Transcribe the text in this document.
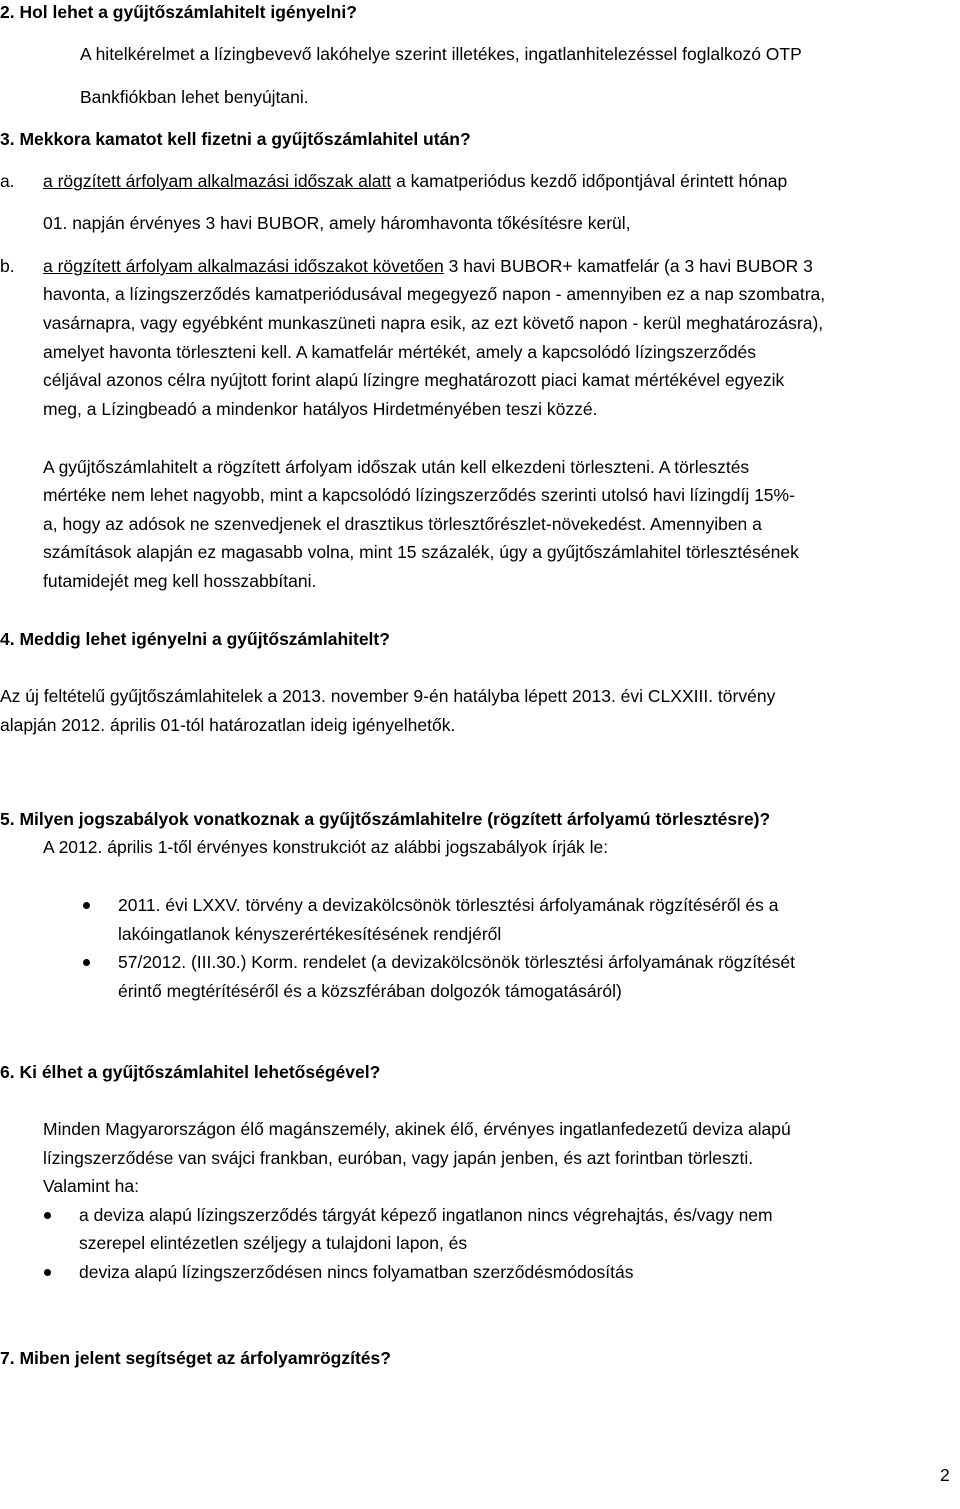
2. Hol lehet a gyűjtőszámlahitelt igényelni?
A hitelkérelmet a lízingbevevő lakóhelye szerint illetékes, ingatlanhitelezéssel foglalkozó OTP
Bankfiókban lehet benyújtani.
3. Mekkora kamatot kell fizetni a gyűjtőszámlahitel után?
a. a rögzített árfolyam alkalmazási időszak alatt a kamatperiódus kezdő időpontjával érintett hónap
01. napján érvényes 3 havi BUBOR, amely háromhavonta tőkésítésre kerül,
b. a rögzített árfolyam alkalmazási időszakot követően 3 havi BUBOR+ kamatfelár (a 3 havi BUBOR 3
havonta, a lízingszerződés kamatperiódusával megegyező napon - amennyiben ez a nap szombatra,
vasárnapra, vagy egyébként munkaszüneti napra esik, az ezt követő napon - kerül meghatározásra),
amelyet havonta törleszteni kell. A kamatfelár mértékét, amely a kapcsolódó lízingszerződés
céljával azonos célra nyújtott forint alapú lízingre meghatározott piaci kamat mértékével egyezik
meg, a Lízingbeadó a mindenkor hatályos Hirdetményében teszi közzé.
A gyűjtőszámlahitelt a rögzített árfolyam időszak után kell elkezdeni törleszteni. A törlesztés
mértéke nem lehet nagyobb, mint a kapcsolódó lízingszerződés szerinti utolsó havi lízingdíj 15%-
a, hogy az adósok ne szenvedjenek el drasztikus törlesztőrészlet-növekedést. Amennyiben a
számítások alapján ez magasabb volna, mint 15 százalék, úgy a gyűjtőszámlahitel törlesztésének
futamidejét meg kell hosszabbítani.
4. Meddig lehet igényelni a gyűjtőszámlahitelt?
Az új feltételű gyűjtőszámlahitelek a 2013. november 9-én hatályba lépett 2013. évi CLXXIII. törvény
alapján 2012. április 01-tól határozatlan ideig igényelhetők.
5. Milyen jogszabályok vonatkoznak a gyűjtőszámlahitelre (rögzített árfolyamú törlesztésre)?
A 2012. április 1-től érvényes konstrukciót az alábbi jogszabályok írják le:
2011. évi LXXV. törvény a devizakölcsönök törlesztési árfolyamának rögzítéséről és a
lakóingatlanok kényszerértékesítésének rendjéről
57/2012. (III.30.) Korm. rendelet (a devizakölcsönök törlesztési árfolyamának rögzítését
érintő megtérítéséről és a közszférában dolgozók támogatásáról)
6. Ki élhet a gyűjtőszámlahitel lehetőségével?
Minden Magyarországon élő magánszemély, akinek élő, érvényes ingatlanfedezetű deviza alapú
lízingszerződése van svájci frankban, euróban, vagy japán jenben, és azt forintban törleszti.
Valamint ha:
a deviza alapú lízingszerződés tárgyát képező ingatlanon nincs végrehajtás, és/vagy nem
szerepel elintézetlen széljegy a tulajdoni lapon, és
deviza alapú lízingszerződésen nincs folyamatban szerződésmódosítás
7. Miben jelent segítséget az árfolyamrögzítés?
2
